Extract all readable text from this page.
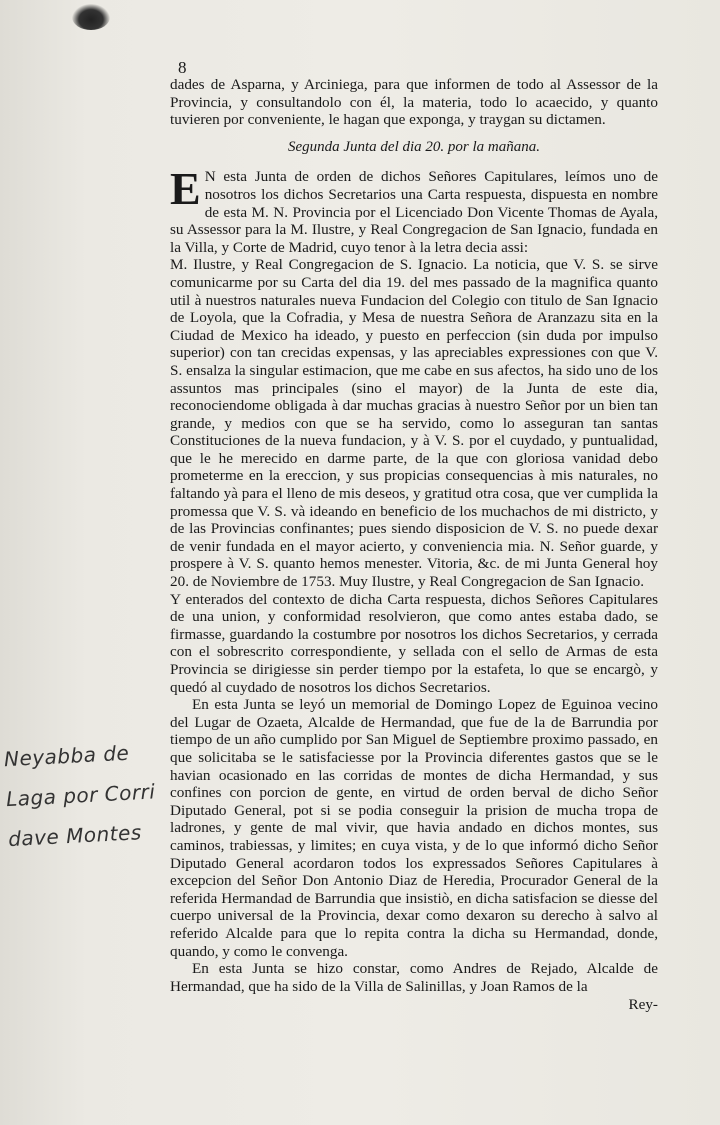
8

dades de Asparna, y Arciniega, para que informen de todo al Assessor de la Provincia, y consultandolo con él, la materia, todo lo acaecido, y quanto tuvieren por conveniente, le hagan que exponga, y traygan su dictamen.

Segunda Junta del dia 20. por la mañana.

E N esta Junta de orden de dichos Señores Capitulares, leímos uno de nosotros los dichos Secretarios una Carta respuesta, dispuesta en nombre de esta M. N. Provincia por el Licenciado Don Vicente Thomas de Ayala, su Assessor para la M. Ilustre, y Real Congregacion de San Ignacio, fundada en la Villa, y Corte de Madrid, cuyo tenor à la letra decia assi:

M. Ilustre, y Real Congregacion de S. Ignacio. La noticia, que V. S. se sirve comunicarme por su Carta del dia 19. del mes passado de la magnifica quanto util à nuestros naturales nueva Fundacion del Colegio con titulo de San Ignacio de Loyola, que la Cofradia, y Mesa de nuestra Señora de Aranzazu sita en la Ciudad de Mexico ha ideado, y puesto en perfeccion (sin duda por impulso superior) con tan crecidas expensas, y las apreciables expressiones con que V. S. ensalza la singular estimacion, que me cabe en sus afectos, ha sido uno de los assuntos mas principales (sino el mayor) de la Junta de este dia, reconociendome obligada à dar muchas gracias à nuestro Señor por un bien tan grande, y medios con que se ha servido, como lo asseguran tan santas Constituciones de la nueva fundacion, y à V. S. por el cuydado, y puntualidad, que le he merecido en darme parte, de la que con gloriosa vanidad debo prometerme en la ereccion, y sus propicias consequencias à mis naturales, no faltando yà para el lleno de mis deseos, y gratitud otra cosa, que ver cumplida la promessa que V. S. và ideando en beneficio de los muchachos de mi districto, y de las Provincias confinantes; pues siendo disposicion de V. S. no puede dexar de venir fundada en el mayor acierto, y conveniencia mia. N. Señor guarde, y prospere à V. S. quanto hemos menester. Vitoria, &c. de mi Junta General hoy 20. de Noviembre de 1753. Muy Ilustre, y Real Congregacion de San Ignacio.

Y enterados del contexto de dicha Carta respuesta, dichos Señores Capitulares de una union, y conformidad resolvieron, que como antes estaba dado, se firmasse, guardando la costumbre por nosotros los dichos Secretarios, y cerrada con el sobrescrito correspondiente, y sellada con el sello de Armas de esta Provincia se dirigiesse sin perder tiempo por la estafeta, lo que se encargò, y quedó al cuydado de nosotros los dichos Secretarios.

En esta Junta se leyó un memorial de Domingo Lopez de Eguinoa vecino del Lugar de Ozaeta, Alcalde de Hermandad, que fue de la de Barrundia por tiempo de un año cumplido por San Miguel de Septiembre proximo passado, en que solicitaba se le satisfaciesse por la Provincia diferentes gastos que se le havian ocasionado en las corridas de montes de dicha Hermandad, y sus confines con porcion de gente, en virtud de orden berval de dicho Señor Diputado General, pot si se podia conseguir la prision de mucha tropa de ladrones, y gente de mal vivir, que havia andado en dichos montes, sus caminos, trabiessas, y limites; en cuya vista, y de lo que informó dicho Señor Diputado General acordaron todos los expressados Señores Capitulares à excepcion del Señor Don Antonio Diaz de Heredia, Procurador General de la referida Hermandad de Barrundia que insistiò, en dicha satisfacion se diesse del cuerpo universal de la Provincia, dexar como dexaron su derecho à salvo al referido Alcalde para que lo repita contra la dicha su Hermandad, donde, quando, y como le convenga.

En esta Junta se hizo constar, como Andres de Rejado, Alcalde de Hermandad, que ha sido de la Villa de Salinillas, y Joan Ramos de la

Rey-

Neyabba de
Laga por Corri
dave Montes
